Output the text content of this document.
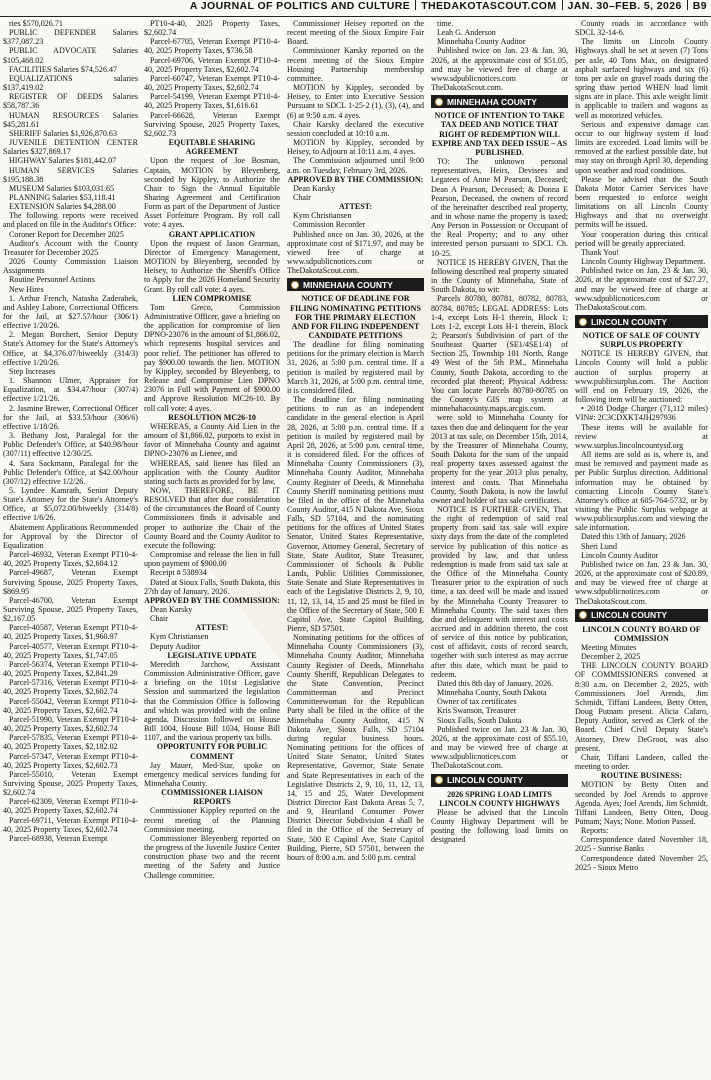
A JOURNAL OF POLITICS AND CULTURE THEDAKOTASCOUT.COM JAN. 30–FEB. 5, 2026 B9

ries $570,026.71

PUBLIC DEFENDER Salaries $377,087.23

PUBLIC ADVOCATE Salaries $105,468.02

FACILITIES Salaries $74,526.47

EQUALIZATIONS salaries $137,419.02

REGISTER OF DEEDS Salaries $58,787.36

HUMAN RESOURCES Salaries $45,281.61

SHERIFF Salaries $1,926,870.63

JUVENILE DETENTION CENTER Salaries $327,869.17

HIGHWAY Salaries $181,442.07

HUMAN SERVICES Salaries $195,188.38

MUSEUM Salaries $103,031.65

PLANNING Salaries $53,118.41

EXTENSION Salaries $4,288.00

The following reports were received and placed on file in the Auditor's Office:

Coroner Report for December 2025

Auditor's Account with the County Treasurer for December 2025

2026 County Commission Liaison Assignments

Routine Personnel Actions

New Hires

1. Arthur French, Natasha Zaderabek, and Ashley Labore, Correctional Officers for the Jail, at $27.57/hour (306/1) effective 1/20/26.

2. Megan Borchert, Senior Deputy State's Attorney for the State's Attorney's Office, at $4,376.07/biweekly (314/3) effective 1/20/26.

Step Increases

1. Shannon Ulmer, Appraiser for Equalization, at $34.47/hour (307/4) effective 1/21/26.

2. Jasmine Brewer, Correctional Officer for the Jail, at $33.53/hour (306/6) effective 1/18/26.

3. Bethany Jost, Paralegal for the Public Defender's Office, at $40.98/hour (307/11) effective 12/30/25.

4. Sara Sackmann, Paralegal for the Public Defender's Office, at $42.00/hour (307/12) effective 1/2/26.

5. Lyndee Kamrath, Senior Deputy State's Attorney for the State's Attorney's Office, at $5,072.00/biweekly (314/8) effective 1/6/26.

Abatement Applications Recommended for Approval by the Director of Equalization

Parcel-46932, Veteran Exempt PT10-4-40, 2025 Property Taxes, $2,604.12

Parcel-49687, Veteran Exempt Surviving Spouse, 2025 Property Taxes, $869.95

Parcel-46700, Veteran Exempt Surviving Spouse, 2025 Property Taxes, $2,167.05

Parcel-40587, Veteran Exempt PT10-4-40, 2025 Property Taxes, $1,960.97

Parcel-40577, Veteran Exempt PT10-4-40, 2025 Property Taxes, $1,747.05

Parcel-56374, Veteran Exempt PT10-4-40, 2025 Property Taxes, $2,841.29

Parcel-57316, Veteran Exempt PT10-4-40, 2025 Property Taxes, $2,602.74

Parcel-55042, Veteran Exempt PT10-4-40, 2025 Property Taxes, $2,602.74

Parcel-51990, Veteran Exempt PT10-4-40, 2025 Property Taxes, $2,602.74

Parcel-57835, Veteran Exempt PT10-4-40, 2025 Property Taxes, $2,182.02

Parcel-57347, Veteran Exempt PT10-4-40, 2025 Property Taxes, $2,602.73

Parcel-55010, Veteran Exempt Surviving Spouse, 2025 Property Taxes, $2,602.74

Parcel-62309, Veteran Exempt PT10-4-40, 2025 Property Taxes, $2,602.74

Parcel-69711, Veteran Exempt PT10-4-40, 2025 Property Taxes, $2,602.74

Parcel-68938, Veteran Exempt

PT10-4-40, 2025 Property Taxes, $2,602.74

Parcel-67705, Veteran Exempt PT10-4-40, 2025 Property Taxes, $736.58

Parcel-69706, Veteran Exempt PT10-4-40, 2025 Property Taxes, $2,602.74

Parcel-60747, Veteran Exempt PT10-4-40, 2025 Property Taxes, $2,602.74

Parcel-54199, Veteran Exempt PT10-4-40, 2025 Property Taxes, $1,616.61

Parcel-66628, Veteran Exempt Surviving Spouse, 2025 Property Taxes, $2,602.73

EQUITABLE SHARING AGREEMENT

Upon the request of Joe Bosman, Captain, MOTION by Bleyenberg, seconded by Kippley, to Authorize the Chair to Sign the Annual Equitable Sharing Agreement and Certification Form as part of the Department of Justice Asset Forfeiture Program. By roll call vote: 4 ayes.

GRANT APPLICATION

Upon the request of Jason Gearman, Director of Emergency Management, MOTION by Bleyenberg, seconded by Heisey, to Authorize the Sheriff's Office to Apply for the 2026 Homeland Security Grant. By roll call vote: 4 ayes.

LIEN COMPROMISE

Tom Greco, Commission Administrative Officer, gave a briefing on the application for compromise of lien DPNO-23076 in the amount of $1,866.02, which represents hospital services and poor relief. The petitioner has offered to pay $900.00 towards the lien. MOTION by Kippley, seconded by Bleyenberg, to Release and Compromise Lien DPNO 23076 in Full with Payment of $900.00 and Approve Resolution MC26-10. By roll call vote: 4 ayes.

RESOLUTION MC26-10

WHEREAS, a County Aid Lien in the amount of $1,866.02, purports to exist in favor of Minnehaha County and against DPNO-23076 as Lienee, and

WHEREAS, said lienee has filed an application with the County Auditor stating such facts as provided for by law,

NOW, THEREFORE, BE IT RESOLVED that after due consideration of the circumstances the Board of County Commissioners finds it advisable and proper to authorize the Chair of the County Board and the County Auditor to execute the following:

Compromise and release the lien in full upon payment of $900.00

Receipt # 538934

Dated at Sioux Falls, South Dakota, this 27th day of January, 2026.

APPROVED BY THE COMMISSION:

Dean Karsky

Chair

ATTEST:

Kym Christiansen

Deputy Auditor

LEGISLATIVE UPDATE

Meredith Jarchow, Assistant Commission Administrative Officer, gave a briefing on the 101st Legislative Session and summarized the legislation that the Commission Office is following and which was provided with the online agenda. Discussion followed on House Bill 1004, House Bill 1034, House Bill 1107, and the various property tax bills.

OPPORTUNITY FOR PUBLIC COMMENT

Jay Mauer, Med-Star, spoke on emergency medical services funding for Minnehaha County.

COMMISSIONER LIAISON REPORTS

Commissioner Kippley reported on the recent meeting of the Planning Commission meeting.

Commissioner Bleyenberg reported on the progress of the Juvenile Justice Center construction phase two and the recent meeting of the Safety and Justice Challenge committee.

Commissioner Heisey reported on the recent meeting of the Sioux Empire Fair Board.

Commissioner Karsky reported on the recent meeting of the Sioux Empire Housing Partnership membership committee.

MOTION by Kippley, seconded by Heisey, to Enter into Executive Session Pursuant to SDCL 1-25-2 (1), (3), (4), and (6) at 9:50 a.m. 4 ayes.

Chair Karsky declared the executive session concluded at 10:10 a.m.

MOTION by Kippley, seconded by Heisey, to Adjourn at 10:11 a.m. 4 ayes.

The Commission adjourned until 9:00 a.m. on Tuesday, February 3rd, 2026.

APPROVED BY THE COMMISSION:

Dean Karsky

Chair

ATTEST:

Kym Christiansen

Commission Recorder

Published once on Jan. 30, 2026, at the approximate cost of $171.97, and may be viewed free of charge at www.sdpublicnotices.com or TheDakotaScout.com.

MINNEHAHA COUNTY

NOTICE OF DEADLINE FOR FILING NOMINATING PETITIONS FOR THE PRIMARY ELECTION AND FOR FILING INDEPENDENT CANDIDATE PETITIONS

The deadline for filing nominating petitions for the primary election is March 31, 2026, at 5:00 p.m. central time. If a petition is mailed by registered mail by March 31, 2026, at 5:00 p.m. central time, it is considered filed.

The deadline for filing nominating petitions to run as an independent candidate in the general election is April 28, 2026, at 5:00 p.m. central time. If a petition is mailed by registered mail by April 28, 2026, at 5:00 p.m. central time, it is considered filed. For the offices of Minnehaha County Commissioners (3), Minnehaha County Auditor, Minnehaha County Register of Deeds, & Minnehaha County Sheriff nominating petitions must be filed in the office of the Minnehaha County Auditor, 415 N Dakota Ave, Sioux Falls, SD 57104, and the nominating petitions for the offices of United States Senator, United States Representative, Governor, Attorney General, Secretary of State, State Auditor, State Treasurer, Commissioner of Schools & Public Lands, Public Utilities Commissioner, State Senate and State Representatives in each of the Legislative Districts 2, 9, 10, 11, 12, 13, 14, 15 and 25 must be filed in the Office of the Secretary of State, 500 E Capitol Ave, State Capitol Building, Pierre, SD 57501.

Nominating petitions for the offices of Minnehaha County Commissioners (3), Minnehaha County Auditor, Minnehaha County Register of Deeds, Minnehaha County Sheriff, Republican Delegates to the State Convention, Precinct Committeeman and Precinct Committeewoman for the Republican Party shall be filed in the office of the Minnehaha County Auditor, 415 N Dakota Ave, Sioux Falls, SD 57104 during regular business hours. Nominating petitions for the offices of United State Senator, United States Representative, Governor, State Senate and State Representatives in each of the Legislative Districts 2, 9, 10, 11, 12, 13, 14, 15 and 25, Water Development District Director East Dakota Areas 5, 7, and 9, Heartland Consumer Power District Director Subdivision 4 shall be filed in the Office of the Secretary of State, 500 E Capitol Ave, State Capitol Building, Pierre, SD 57501, between the hours of 8:00 a.m. and 5:00 p.m. central

time.

Leah G. Anderson

Minnehaha County Auditor

Published twice on Jan. 23 & Jan. 30, 2026, at the approximate cost of $51.05, and may be viewed free of charge at www.sdpublicnotices.com or TheDakotaScout.com.

MINNEHAHA COUNTY

NOTICE OF INTENTION TO TAKE TAX DEED AND NOTICE THAT RIGHT OF REDEMPTION WILL EXPIRE AND TAX DEED ISSUE – AS PUBLISHED.

TO: The unknown personal representatives, Heirs, Devisees and Legatees of Anne M Pearson, Deceased; Dean A Pearson, Deceased; & Donna E Pearson, Deceased, the owners of record of the hereinafter described real property, and in whose name the property is taxed; Any Person in Possession or Occupant of the Real Property; and to any other interested person pursuant to SDCL Ch. 10-25.

NOTICE IS HEREBY GIVEN, That the following described real property situated in the County of Minnehaha, State of South Dakota, to wit:

Parcels 80780, 80781, 80782, 80783, 80784, 80785; LEGAL ADDRESS: Lots 1-4, except Lots H-1 therein, Block 1; Lots 1-2, except Lots H-1 therein, Block 2; Pearson's Subdivision of part of the Southeast Quarter (SE1/4SE1/4) of Section 25, Township 101 North, Range 49 West of the 5th P.M., Minnehaha County, South Dakota, according to the recorded plat thereof; Physical Address: You can locate Parcels 80780-80785 on the County's GIS map system at minnehahacounty.maps.arcgis.com.

were sold to Minnehaha County for taxes then due and delinquent for the year 2013 at tax sale, on December 15th, 2014, by the Treasurer of Minnehaha County, South Dakota for the sum of the unpaid real property taxes assessed against the property for the year 2013 plus penalty, interest and costs. That Minnehaha County, South Dakota, is now the lawful owner and holder of tax sale certificates.

NOTICE IS FURTHER GIVEN, That the right of redemption of said real property from said tax sale will expire sixty days from the date of the completed service by publication of this notice as provided by law, and that unless redemption is made from said tax sale at the Office of the Minnehaha County Treasurer prior to the expiration of such time, a tax deed will be made and issued by the Minnehaha County Treasurer to Minnehaha County. The said taxes then due and delinquent with interest and costs accrued and in addition thereto, the cost of service of this notice by publication, cost of affidavit, costs of record search, together with such interest as may accrue after this date, which must be paid to redeem.

Dated this 8th day of January, 2026.

Minnehaha County, South Dakota

Owner of tax certificates

Kris Swanson, Treasurer

Sioux Falls, South Dakota

Published twice on Jan. 23 & Jan. 30, 2026, at the approximate cost of $55.10, and may be viewed free of charge at www.sdpublicnotices.com or TheDakotaScout.com.

LINCOLN COUNTY

2026 SPRING LOAD LIMITS LINCOLN COUNTY HIGHWAYS

Please be advised that the Lincoln County Highway Department will be posting the following load limits on designated

County roads in accordance with SDCL 32-14-6.

The limits on Lincoln County Highways shall be set at seven (7) Tons per axle, 40 Tons Max, on designated asphalt surfaced highways and six (6) tons per axle on gravel roads during the spring thaw period WHEN load limit signs are in place. This axle weight limit is applicable to trailers and wagons as well as motorized vehicles.

Serious and expensive damage can occur to our highway system if load limits are exceeded. Load limits will be removed at the earliest possible date, but may stay on through April 30, depending upon weather and road conditions.

Please be advised that the South Dakota Motor Carrier Services have been requested to enforce weight limitations on all Lincoln County Highways and that no overweight permits will be issued.

Your cooperation during this critical period will be greatly appreciated.

Thank You!

Lincoln County Highway Department.

Published twice on Jan. 23 & Jan. 30, 2026, at the approximate cost of $27.27, and may be viewed free of charge at www.sdpublicnotices.com or TheDakotaScout.com.

LINCOLN COUNTY

NOTICE OF SALE OF COUNTY SURPLUS PROPERTY

NOTICE IS HEREBY GIVEN, that Lincoln County will hold a public auction of surplus property at www.publicsurplus.com. The Auction will end on February 19, 2026, the following item will be auctioned:

• 2018 Dodge Charger (71,112 miles) VIN#: 2C3CDXKT4JH297936

These items will be available for review at www.surplus.lincolncountysd.org

All items are sold as is, where is, and must be removed and payment made as per Public Surplus direction. Additional information may be obtained by contacting Lincoln County State's Attorney's office at 605-764-5732, or by visiting the Public Surplus webpage at www.publicsurplus.com and viewing the sale information.

Dated this 13th of January, 2026

Sheri Lund

Lincoln County Auditor

Published twice on Jan. 23 & Jan. 30, 2026, at the approximate cost of $20.89, and may be viewed free of charge at www.sdpublicnotices.com or TheDakotaScout.com.

LINCOLN COUNTY

LINCOLN COUNTY BOARD OF COMMISSION

Meeting Minutes

December 2, 2025

THE LINCOLN COUNTY BOARD OF COMMISSIONERS convened at 8:30 a.m. on December 2, 2025, with Commissioners Joel Arends, Jim Schmidt, Tiffani Landeen, Betty Otten, Doug Putnam present. Alicia Cafaro, Deputy Auditor, served as Clerk of the Board. Chief Civil Deputy State's Attorney, Drew DeGroot, was also present.

Chair, Tiffani Landeen, called the meeting to order.

ROUTINE BUSINESS:

MOTION by Betty Otten and seconded by Joel Arends to approve Agenda. Ayes; Joel Arends, Jim Schmidt, Tiffani Landeen, Betty Otten, Doug Putnam; Nays; None. Motion Passed.

Reports:

Correspondence dated November 18, 2025 - Sunrise Banks

Correspondence dated November 25, 2025 - Sioux Metro
